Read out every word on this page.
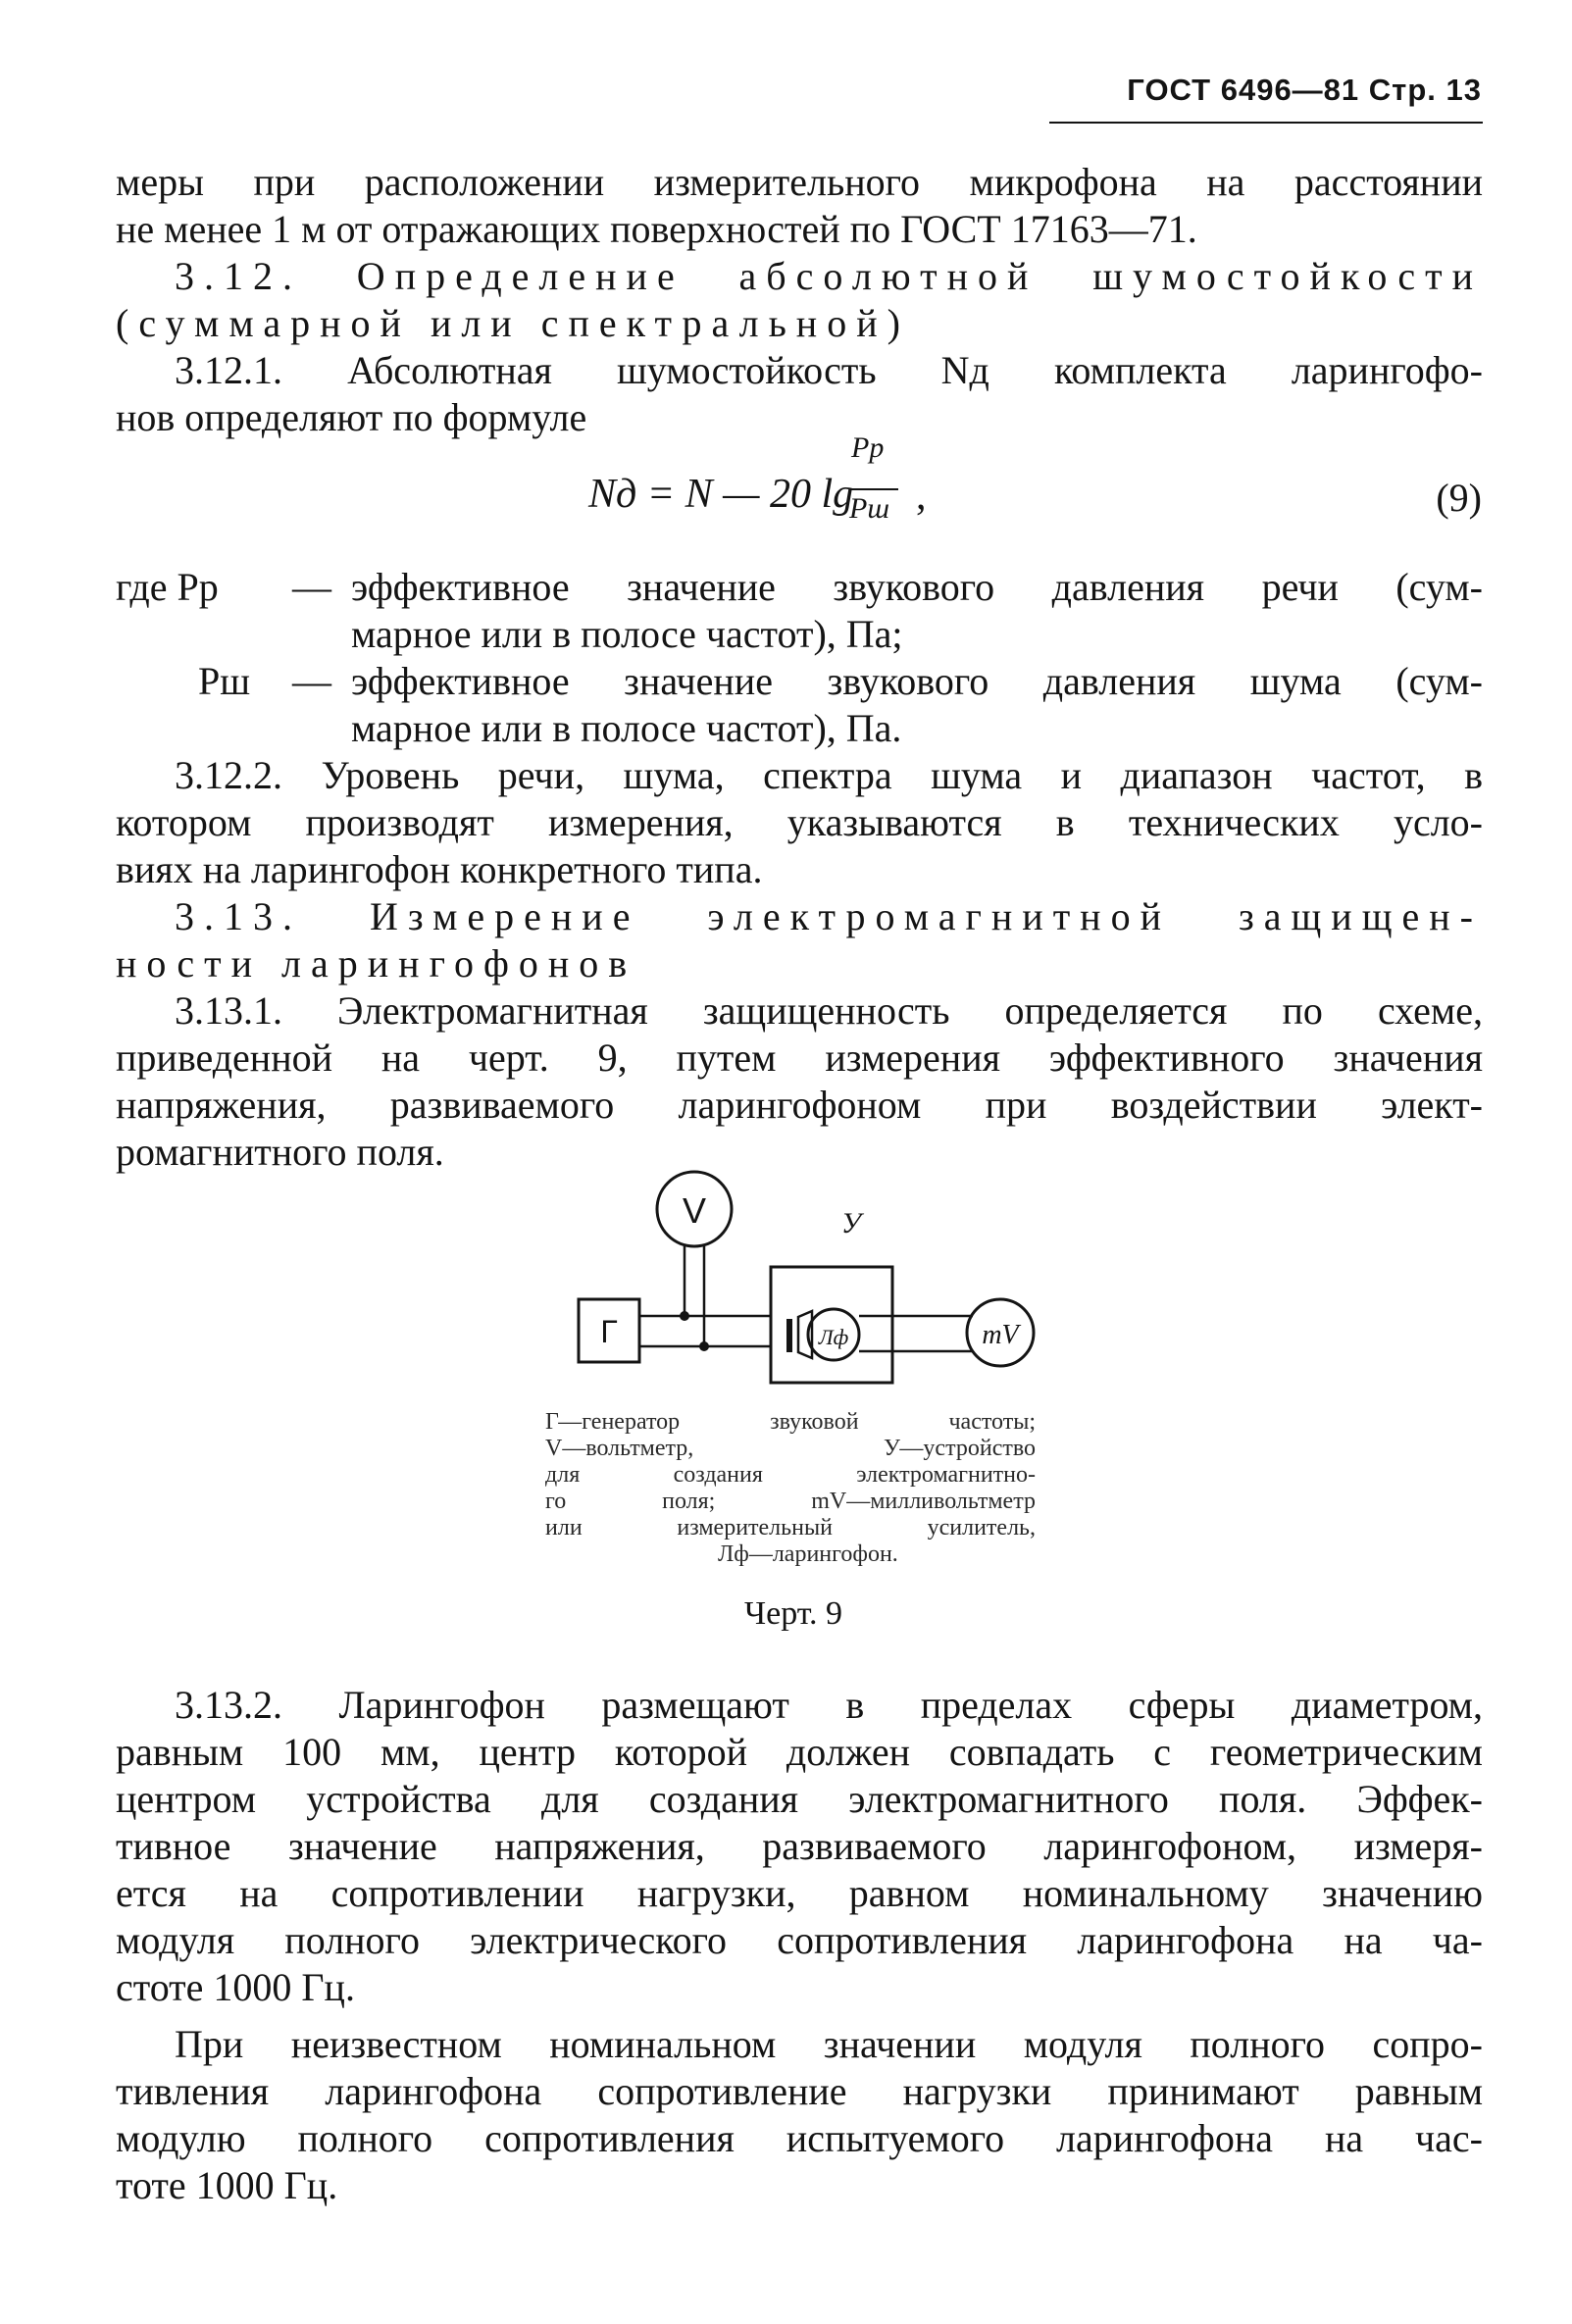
ГОСТ 6496—81 Стр. 13
меры при расположении измерительного микрофона на расстоянии
не менее 1 м от отражающих поверхностей по ГОСТ 17163—71.
3.12. Определение абсолютной шумостойкости
(суммарной или спектральной)
3.12.1. Абсолютная шумостойкость Nд комплекта ларингофо-
нов определяют по формуле
Nд = N — 20 lg
Pр
Pш ,	(9)
где Pр — эффективное значение звукового давления речи (сум-
марное или в полосе частот), Па;
Pш — эффективное значение звукового давления шума (сум-
марное или в полосе частот), Па.
3.12.2. Уровень речи, шума, спектра шума и диапазон частот, в
котором производят измерения, указываются в технических усло-
виях на ларингофон конкретного типа.
3.13. Измерение электромагнитной защищен-
ности ларингофонов
3.13.1. Электромагнитная защищенность определяется по схеме,
приведенной на черт. 9, путем измерения эффективного значения
напряжения, развиваемого ларингофоном при воздействии элект-
ромагнитного поля.
V	У
Г	Лф	mV
Г—генератор звуковой частоты;
V—вольтметр, У—устройство
для создания электромагнитно-
го поля; mV—милливольтметр
или измерительный усилитель,
Лф—ларингофон.
Черт. 9
3.13.2. Ларингофон размещают в пределах сферы диаметром,
равным 100 мм, центр которой должен совпадать с геометрическим
центром устройства для создания электромагнитного поля. Эффек-
тивное значение напряжения, развиваемого ларингофоном, измеря-
ется на сопротивлении нагрузки, равном номинальному значению
модуля полного электрического сопротивления ларингофона на ча-
стоте 1000 Гц.
При неизвестном номинальном значении модуля полного сопро-
тивления ларингофона сопротивление нагрузки принимают равным
модулю полного сопротивления испытуемого ларингофона на час-
тоте 1000 Гц.
